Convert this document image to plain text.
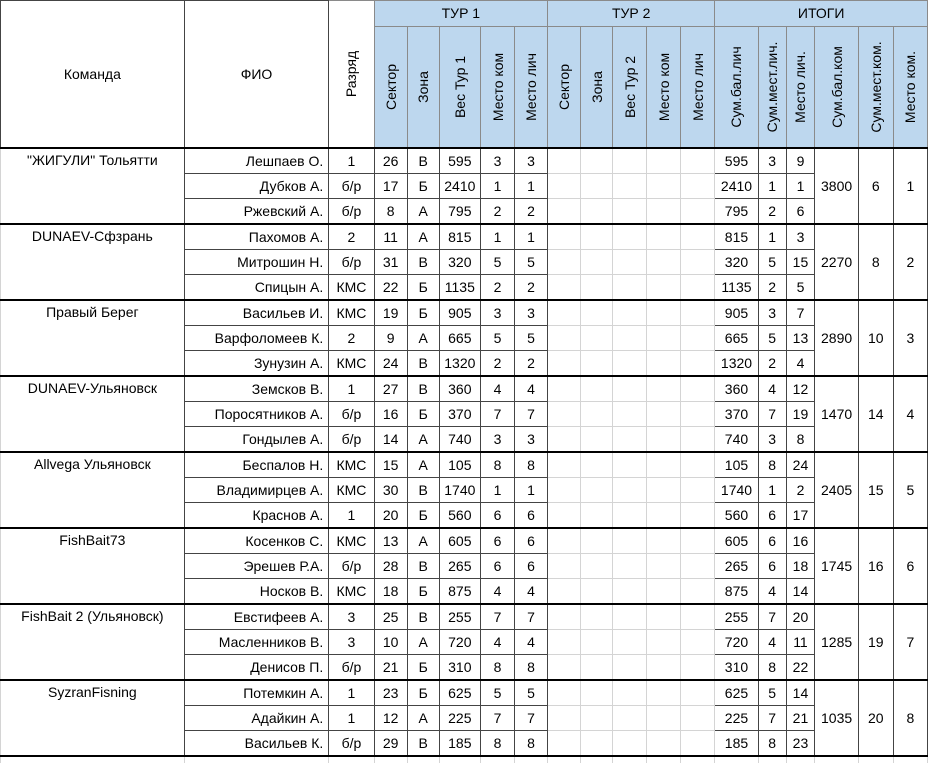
Команда	ФИО	Разряд	ТУР 1					ТУР 2					ИТОГИ					

			Сектор	Зона	Вес Тур 1	Место ком	Место лич	Сектор	Зона	Вес Тур 2	Место ком	Место лич	Сум.бал.лич	Сум.мест.лич.	Место лич.	Сум.бал.ком	Сум.мест.ком.	Место ком.

"ЖИГУЛИ" Тольятти	Лешпаев О.	1	26	В	595	3	3						595	3	9	3800	6	1
	Дубков А.	б/р	17	Б	2410	1	1						2410	1	1			
	Ржевский А.	б/р	8	А	795	2	2						795	2	6			
DUNAEV-Сфзрань	Пахомов А.	2	11	А	815	1	1						815	1	3	2270	8	2
	Митрошин Н.	б/р	31	В	320	5	5						320	5	15			
	Спицын А.	КМС	22	Б	1135	2	2						1135	2	5			
Правый Берег	Васильев И.	КМС	19	Б	905	3	3						905	3	7	2890	10	3
	Варфоломеев К.	2	9	А	665	5	5						665	5	13			
	Зунузин А.	КМС	24	В	1320	2	2						1320	2	4			
DUNAEV-Ульяновск	Земсков В.	1	27	В	360	4	4						360	4	12	1470	14	4
	Поросятников А.	б/р	16	Б	370	7	7						370	7	19			
	Гондылев А.	б/р	14	А	740	3	3						740	3	8			
Allvega Ульяновск	Беспалов Н.	КМС	15	А	105	8	8						105	8	24	2405	15	5
	Владимирцев А.	КМС	30	В	1740	1	1						1740	1	2			
	Краснов А.	1	20	Б	560	6	6						560	6	17			
FishBait73	Косенков С.	КМС	13	А	605	6	6						605	6	16	1745	16	6
	Эрешев Р.А.	б/р	28	В	265	6	6						265	6	18			
	Носков В.	КМС	18	Б	875	4	4						875	4	14			
FishBait 2 (Ульяновск)	Евстифеев А.	3	25	В	255	7	7						255	7	20	1285	19	7
	Масленников В.	3	10	А	720	4	4						720	4	11			
	Денисов П.	б/р	21	Б	310	8	8						310	8	22			
SyzranFisning	Потемкин А.	1	23	Б	625	5	5						625	5	14	1035	20	8
	Адайкин А.	1	12	А	225	7	7						225	7	21			
	Васильев К.	б/р	29	В	185	8	8						185	8	23			
